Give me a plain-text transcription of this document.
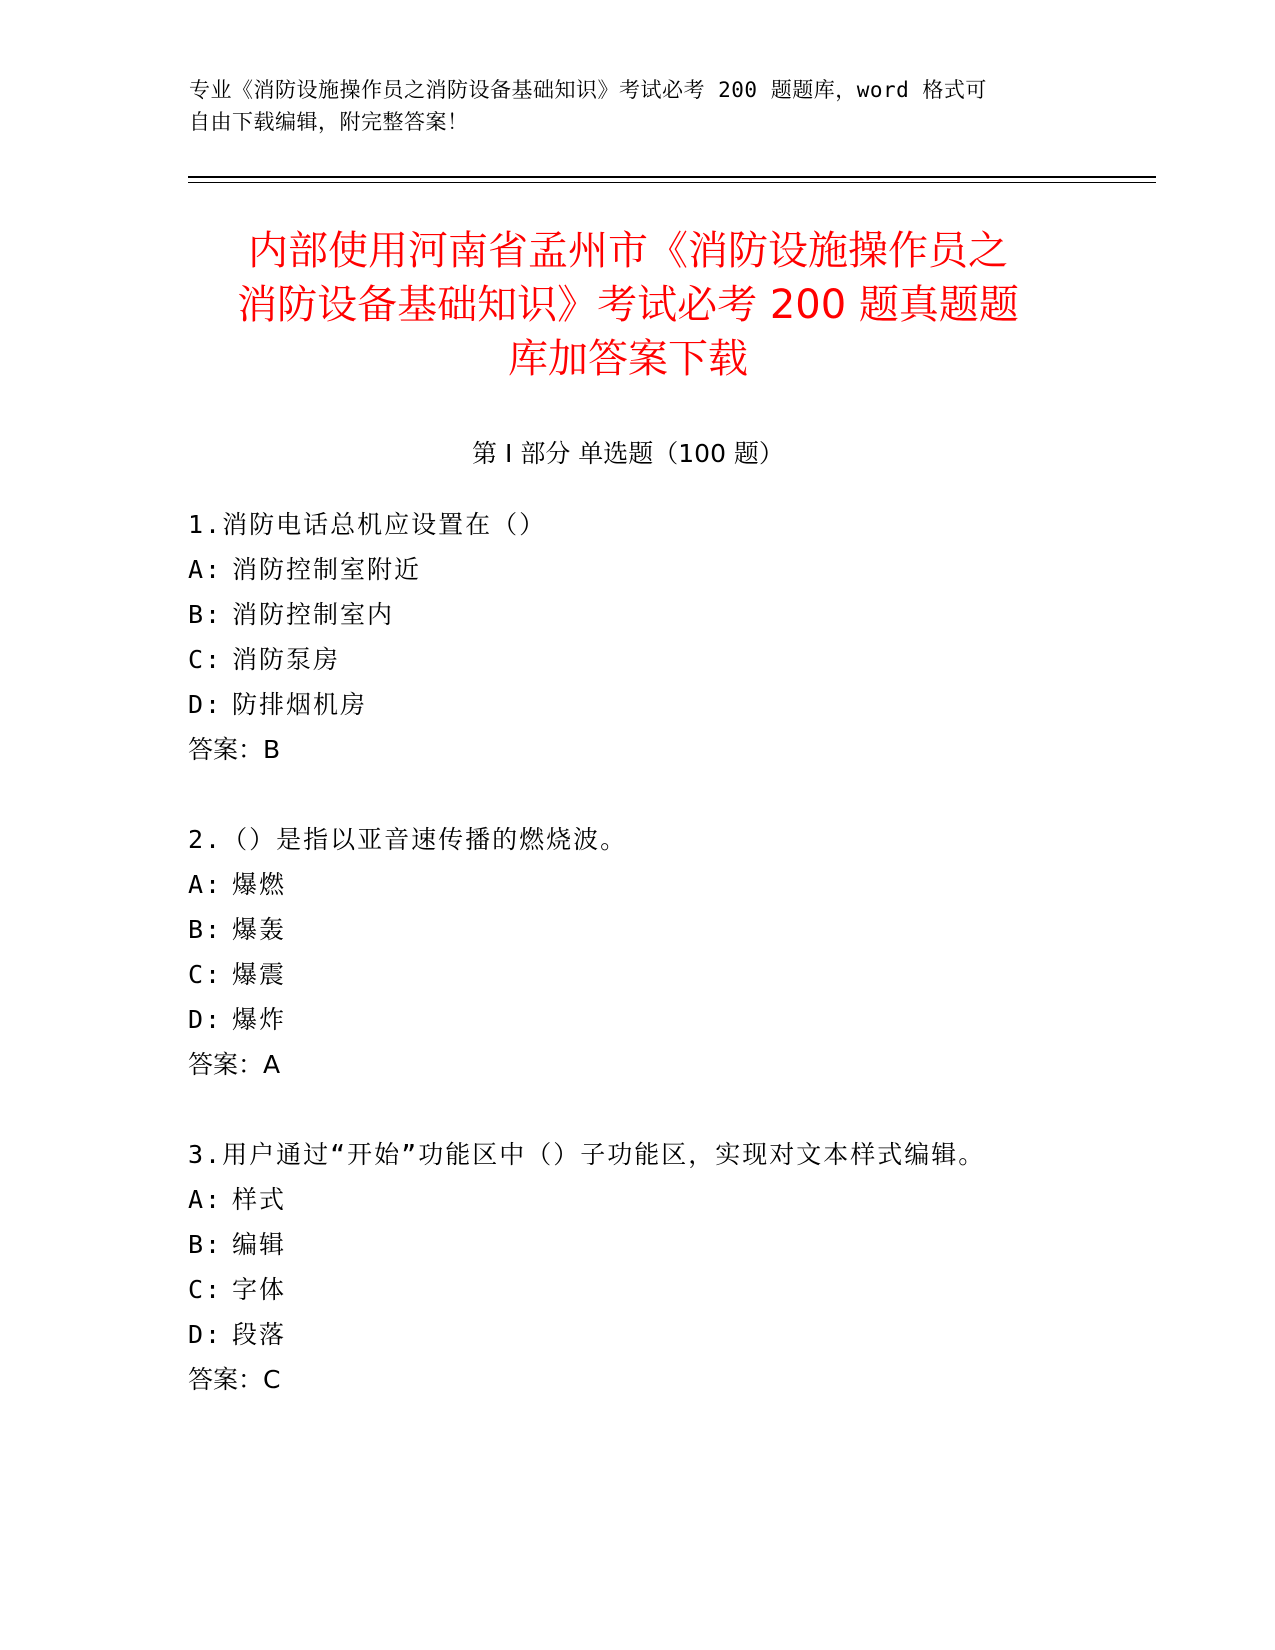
专业《消防设施操作员之消防设备基础知识》考试必考 200 题题库，word 格式可
自由下载编辑，附完整答案！
内部使用河南省孟州市《消防设施操作员之
消防设备基础知识》考试必考 200 题真题题
库加答案下载
第 I 部分 单选题（100 题）
1.消防电话总机应设置在（）
A: 消防控制室附近
B: 消防控制室内
C: 消防泵房
D: 防排烟机房
答案：B
2.（）是指以亚音速传播的燃烧波。
A: 爆燃
B: 爆轰
C: 爆震
D: 爆炸
答案：A
3.用户通过“开始”功能区中（）子功能区，实现对文本样式编辑。
A: 样式
B: 编辑
C: 字体
D: 段落
答案：C
